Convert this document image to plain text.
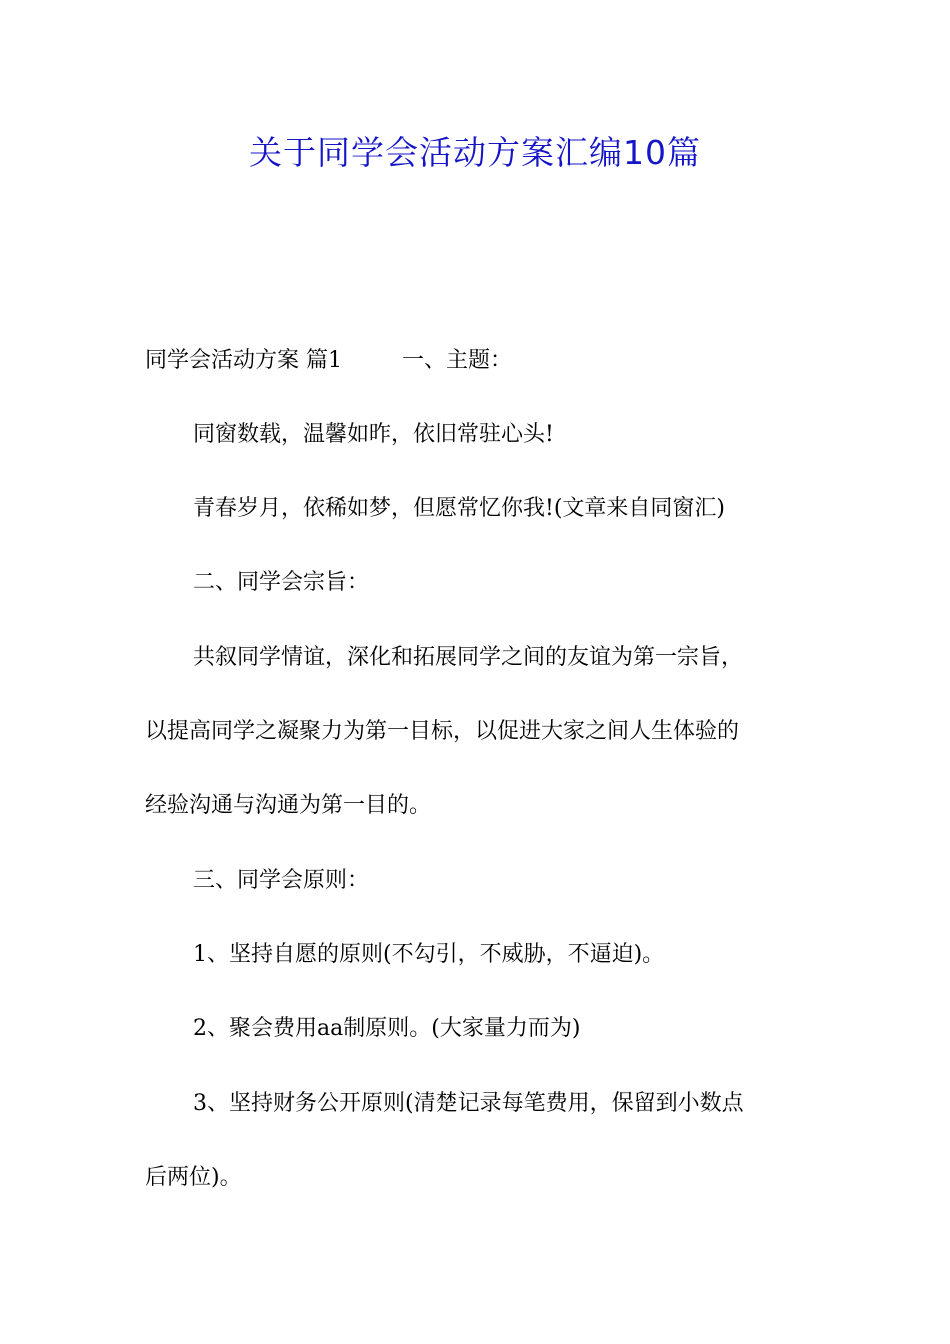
关于同学会活动方案汇编10篇
同学会活动方案 篇1	一、主题：
同窗数载，温馨如昨，依旧常驻心头!
青春岁月，依稀如梦，但愿常忆你我!(文章来自同窗汇)
二、同学会宗旨：
共叙同学情谊，深化和拓展同学之间的友谊为第一宗旨，
以提高同学之凝聚力为第一目标，以促进大家之间人生体验的
经验沟通与沟通为第一目的。
三、同学会原则：
1、坚持自愿的原则(不勾引，不威胁，不逼迫)。
2、聚会费用aa制原则。(大家量力而为)
3、坚持财务公开原则(清楚记录每笔费用，保留到小数点
后两位)。
